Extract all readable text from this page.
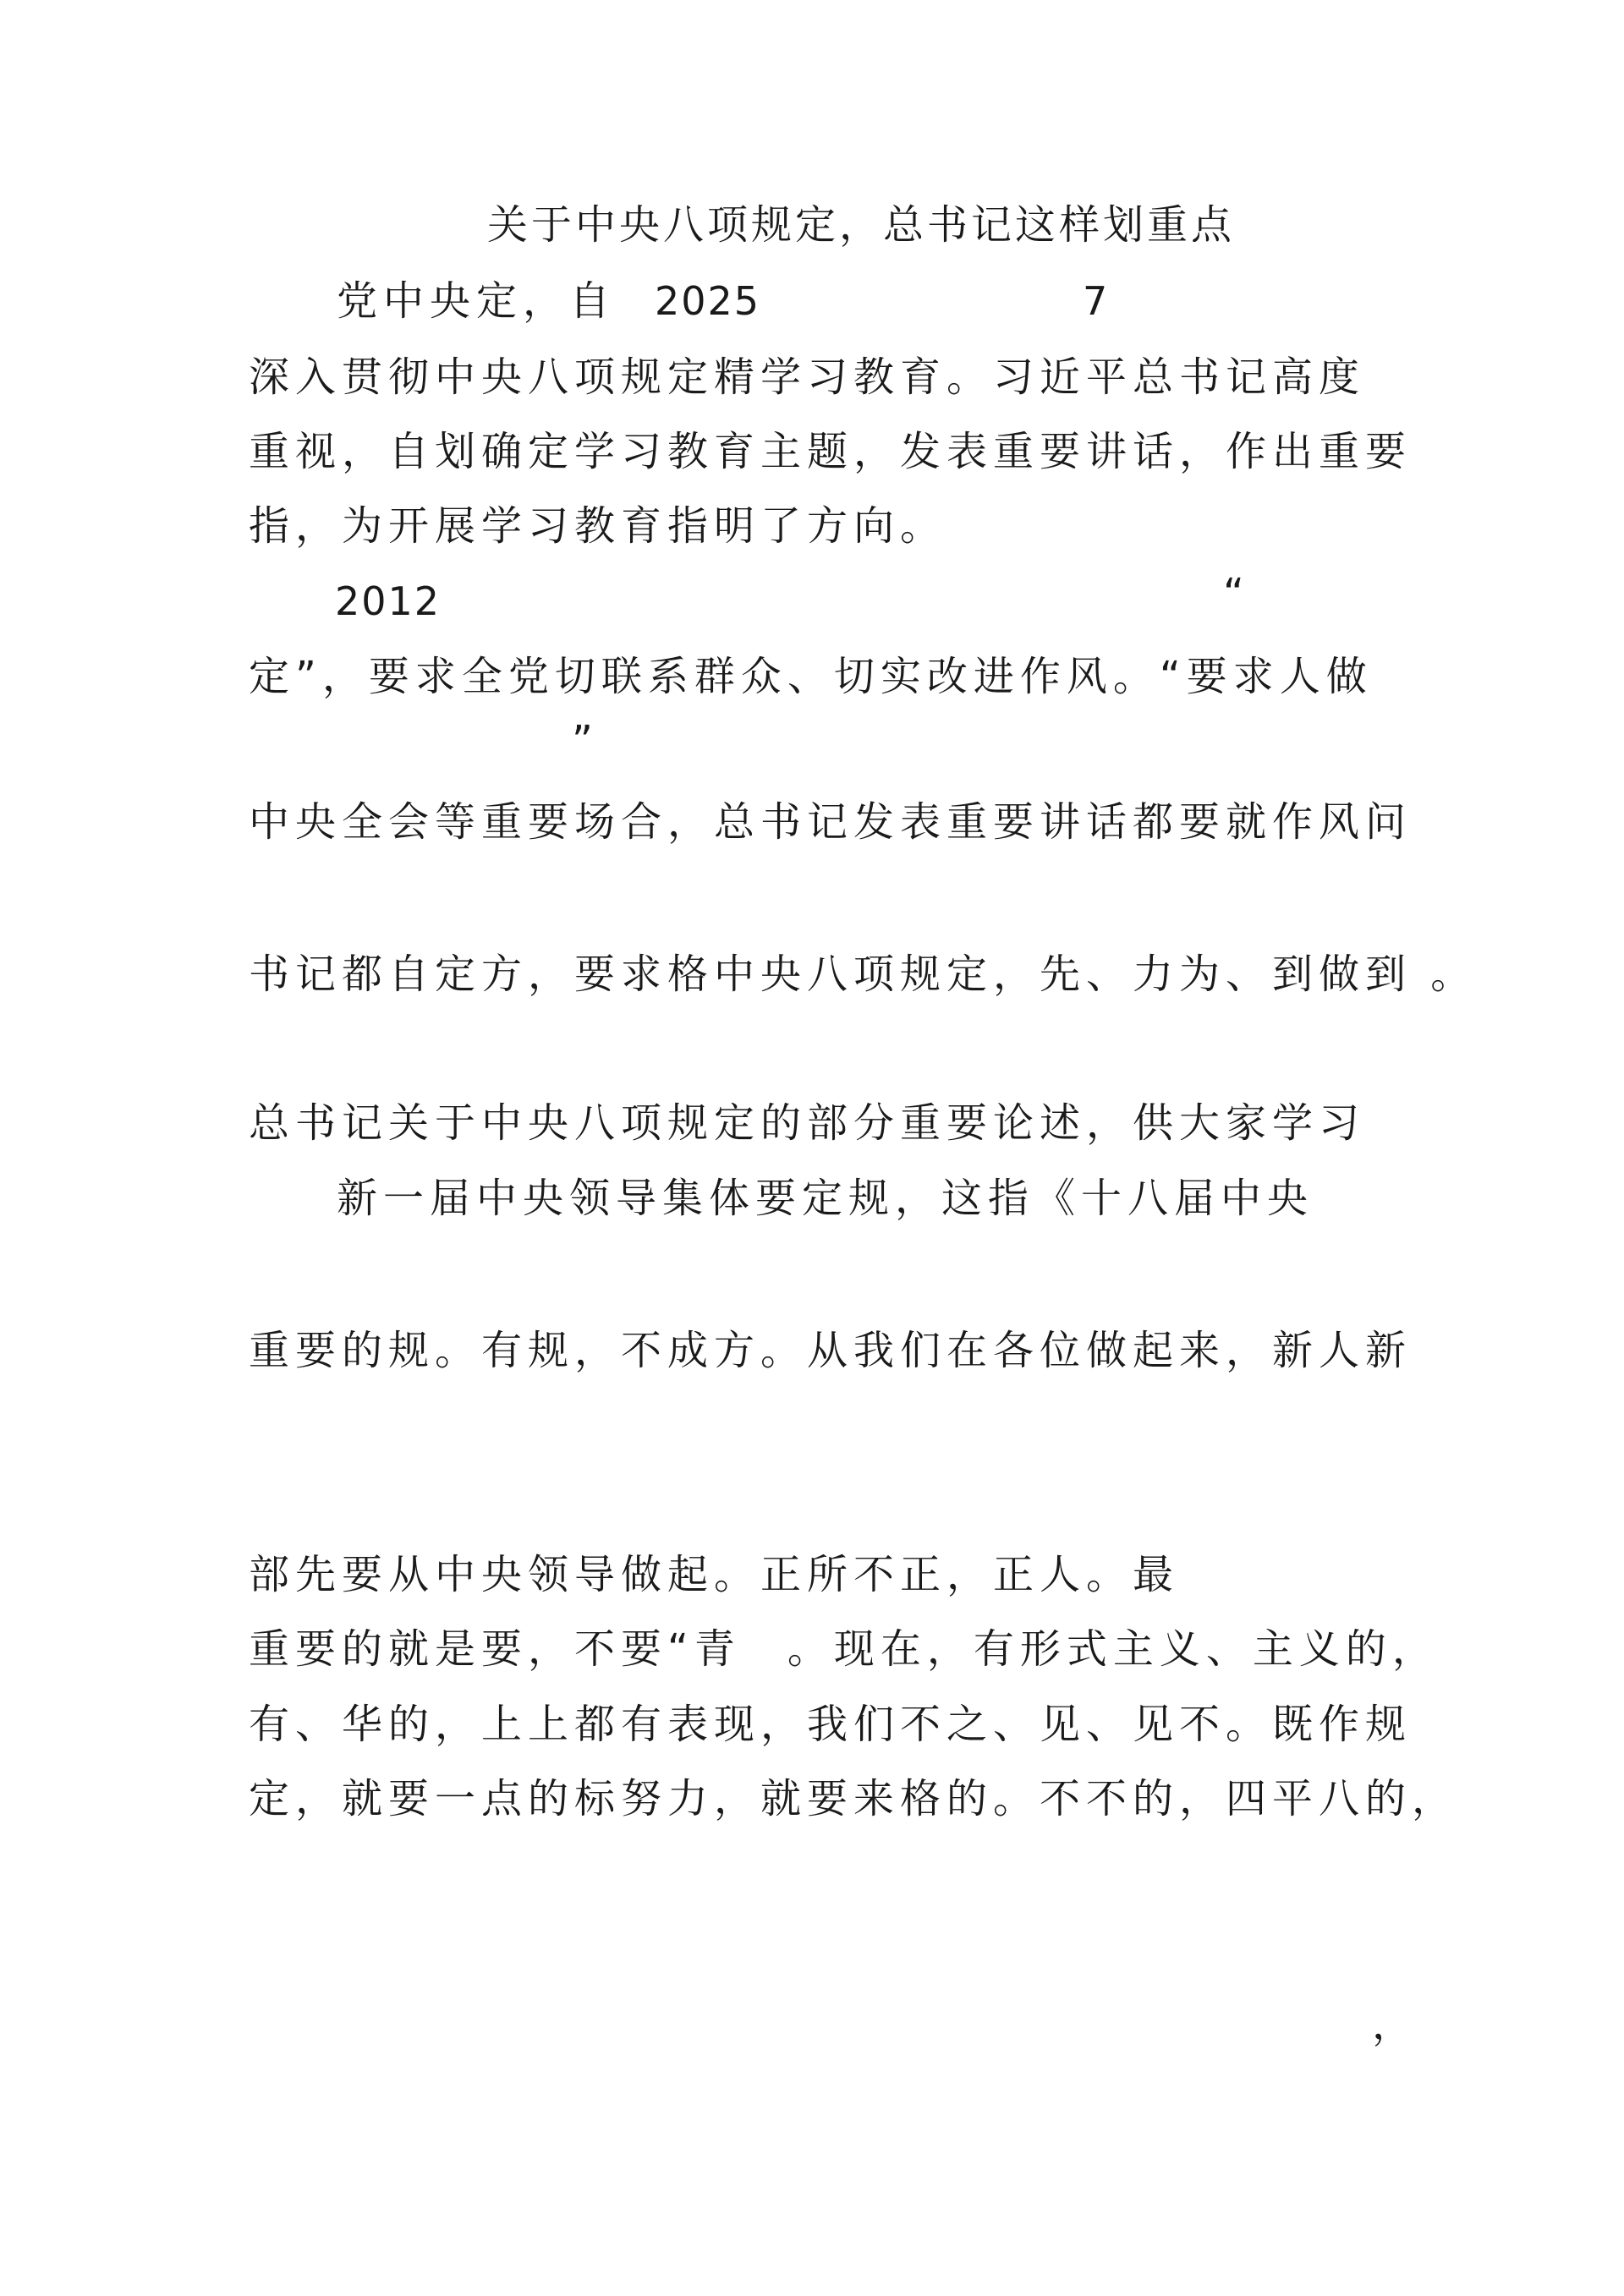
关于中央八项规定，总书记这样划重点
党中央定，自 2025	7
深入贯彻中央八项规定精学习教育。习近平总书记高度
重视，自划确定学习教育主题，发表重要讲话，作出重要
指，为开展学习教育指明了方向。
2012	“
定”，要求全党切联系群众、切实改进作风。“要求人做
”
中央全会等重要场合，总书记发表重要讲话都要就作风问
书记都自定方，要求格中央八项规定，先、力为、到做到 。
总书记关于中央八项规定的部分重要论述，供大家学习
新一届中央领导集体要定规，这指《十八届中央
重要的规。有规，不成方。从我们在各位做起来，新人新
部先要从中央领导做起。正所不正，正人。最
重要的就是要，不要“青　。现在，有形式主义、主义的，
有、华的，上上都有表现，我们不之、见、见不。既作规
定，就要一点的标努力，就要来格的。不不的，四平八的，
，
